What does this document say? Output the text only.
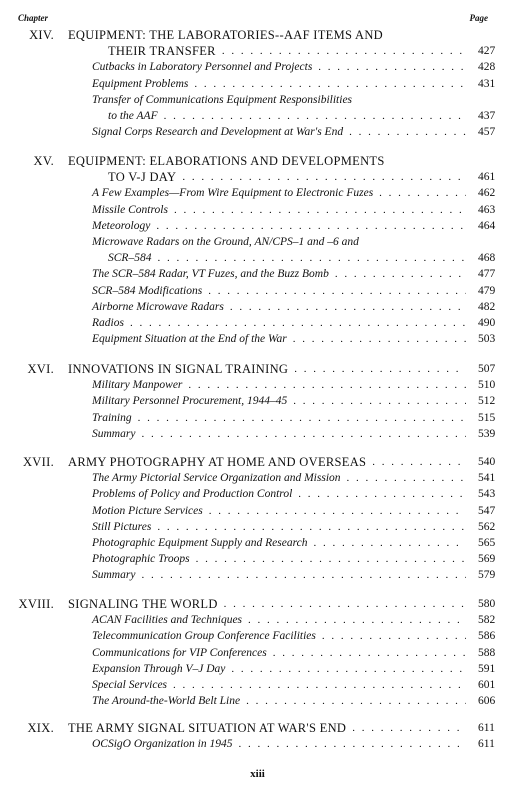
Chapter	Page
XIV. EQUIPMENT: THE LABORATORIES--AAF ITEMS AND
THEIR TRANSFER . . .	427
Cutbacks in Laboratory Personnel and Projects . . .	428
Equipment Problems . . .	431
Transfer of Communications Equipment Responsibilities
to the AAF . . .	437
Signal Corps Research and Development at War's End . . .	457
XV. EQUIPMENT: ELABORATIONS AND DEVELOPMENTS
TO V-J DAY . . .	461
A Few Examples—From Wire Equipment to Electronic Fuzes . . .	462
Missile Controls . . .	463
Meteorology . . .	464
Microwave Radars on the Ground, AN/CPS–1 and –6 and
SCR–584 . . .	468
The SCR–584 Radar, VT Fuzes, and the Buzz Bomb . . .	477
SCR–584 Modifications . . .	479
Airborne Microwave Radars . . .	482
Radios . . .	490
Equipment Situation at the End of the War . . .	503
XVI. INNOVATIONS IN SIGNAL TRAINING . . .	507
Military Manpower . . .	510
Military Personnel Procurement, 1944–45 . . .	512
Training . . .	515
Summary . . .	539
XVII. ARMY PHOTOGRAPHY AT HOME AND OVERSEAS . . .	540
The Army Pictorial Service Organization and Mission . . .	541
Problems of Policy and Production Control . . .	543
Motion Picture Services . . .	547
Still Pictures . . .	562
Photographic Equipment Supply and Research . . .	565
Photographic Troops . . .	569
Summary . . .	579
XVIII. SIGNALING THE WORLD . . .	580
ACAN Facilities and Techniques . . .	582
Telecommunication Group Conference Facilities . . .	586
Communications for VIP Conferences . . .	588
Expansion Through V–J Day . . .	591
Special Services . . .	601
The Around-the-World Belt Line . . .	606
XIX. THE ARMY SIGNAL SITUATION AT WAR'S END . . .	611
OCSigO Organization in 1945 . . .	611
xiii
